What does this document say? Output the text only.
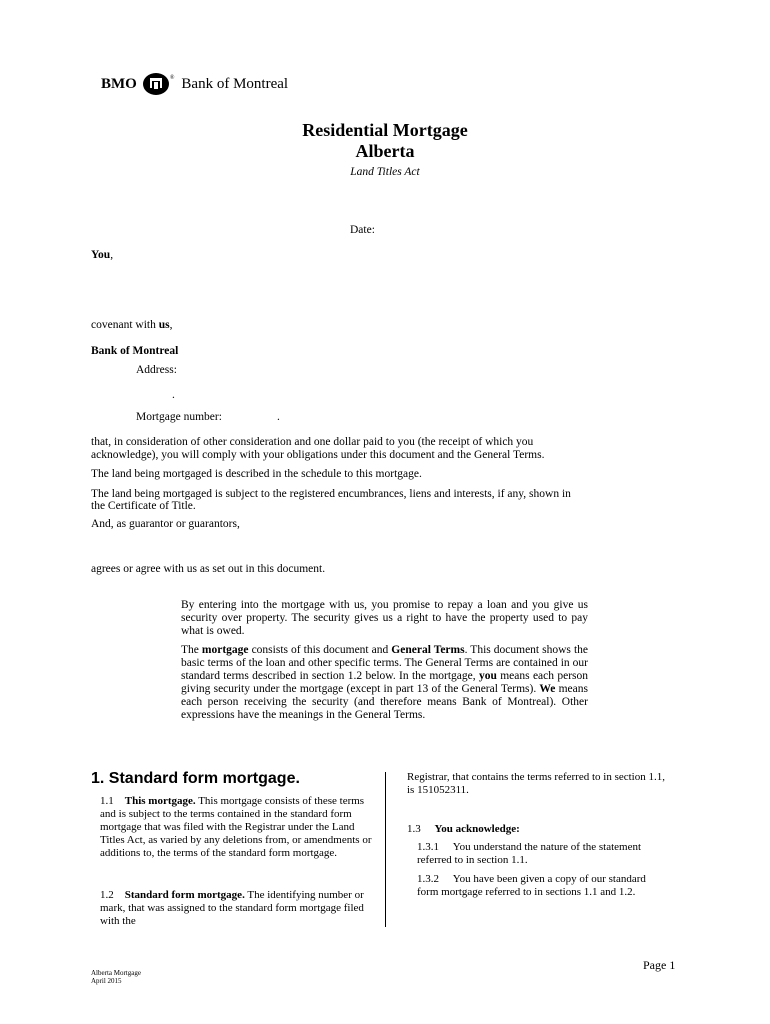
BMO	® Bank of Montreal
Residential Mortgage
Alberta
Land Titles Act
Date:
You,
covenant with us,
Bank of Montreal
Address:
.
Mortgage number:	.
that, in consideration of other consideration and one dollar paid to you (the receipt of which you
acknowledge), you will comply with your obligations under this document and the General Terms.
The land being mortgaged is described in the schedule to this mortgage.
The land being mortgaged is subject to the registered encumbrances, liens and interests, if any, shown in
the Certificate of Title.
And, as guarantor or guarantors,
agrees or agree with us as set out in this document.
By entering into the mortgage with us, you promise to repay a loan and you give us security over property. The security gives us a right to have the property used to pay what is owed.
The mortgage consists of this document and General Terms. This document shows the basic terms of the loan and other specific terms. The General Terms are contained in our standard terms described in section 1.2 below. In the mortgage, you means each person giving security under the mortgage (except in part 13 of the General Terms). We means each person receiving the security (and therefore means Bank of Montreal). Other expressions have the meanings in the General Terms.
1. Standard form mortgage.
1.1 This mortgage. This mortgage consists of these terms and is subject to the terms contained in the standard form mortgage that was filed with the Registrar under the Land Titles Act, as varied by any deletions from, or amendments or additions to, the terms of the standard form mortgage.
1.2 Standard form mortgage. The identifying number or mark, that was assigned to the standard form mortgage filed with the
Registrar, that contains the terms referred to in section 1.1, is 151052311.
1.3 You acknowledge:
1.3.1 You understand the nature of the statement referred to in section 1.1.
1.3.2 You have been given a copy of our standard form mortgage referred to in sections 1.1 and 1.2.
Alberta Mortgage
April 2015
Page 1
